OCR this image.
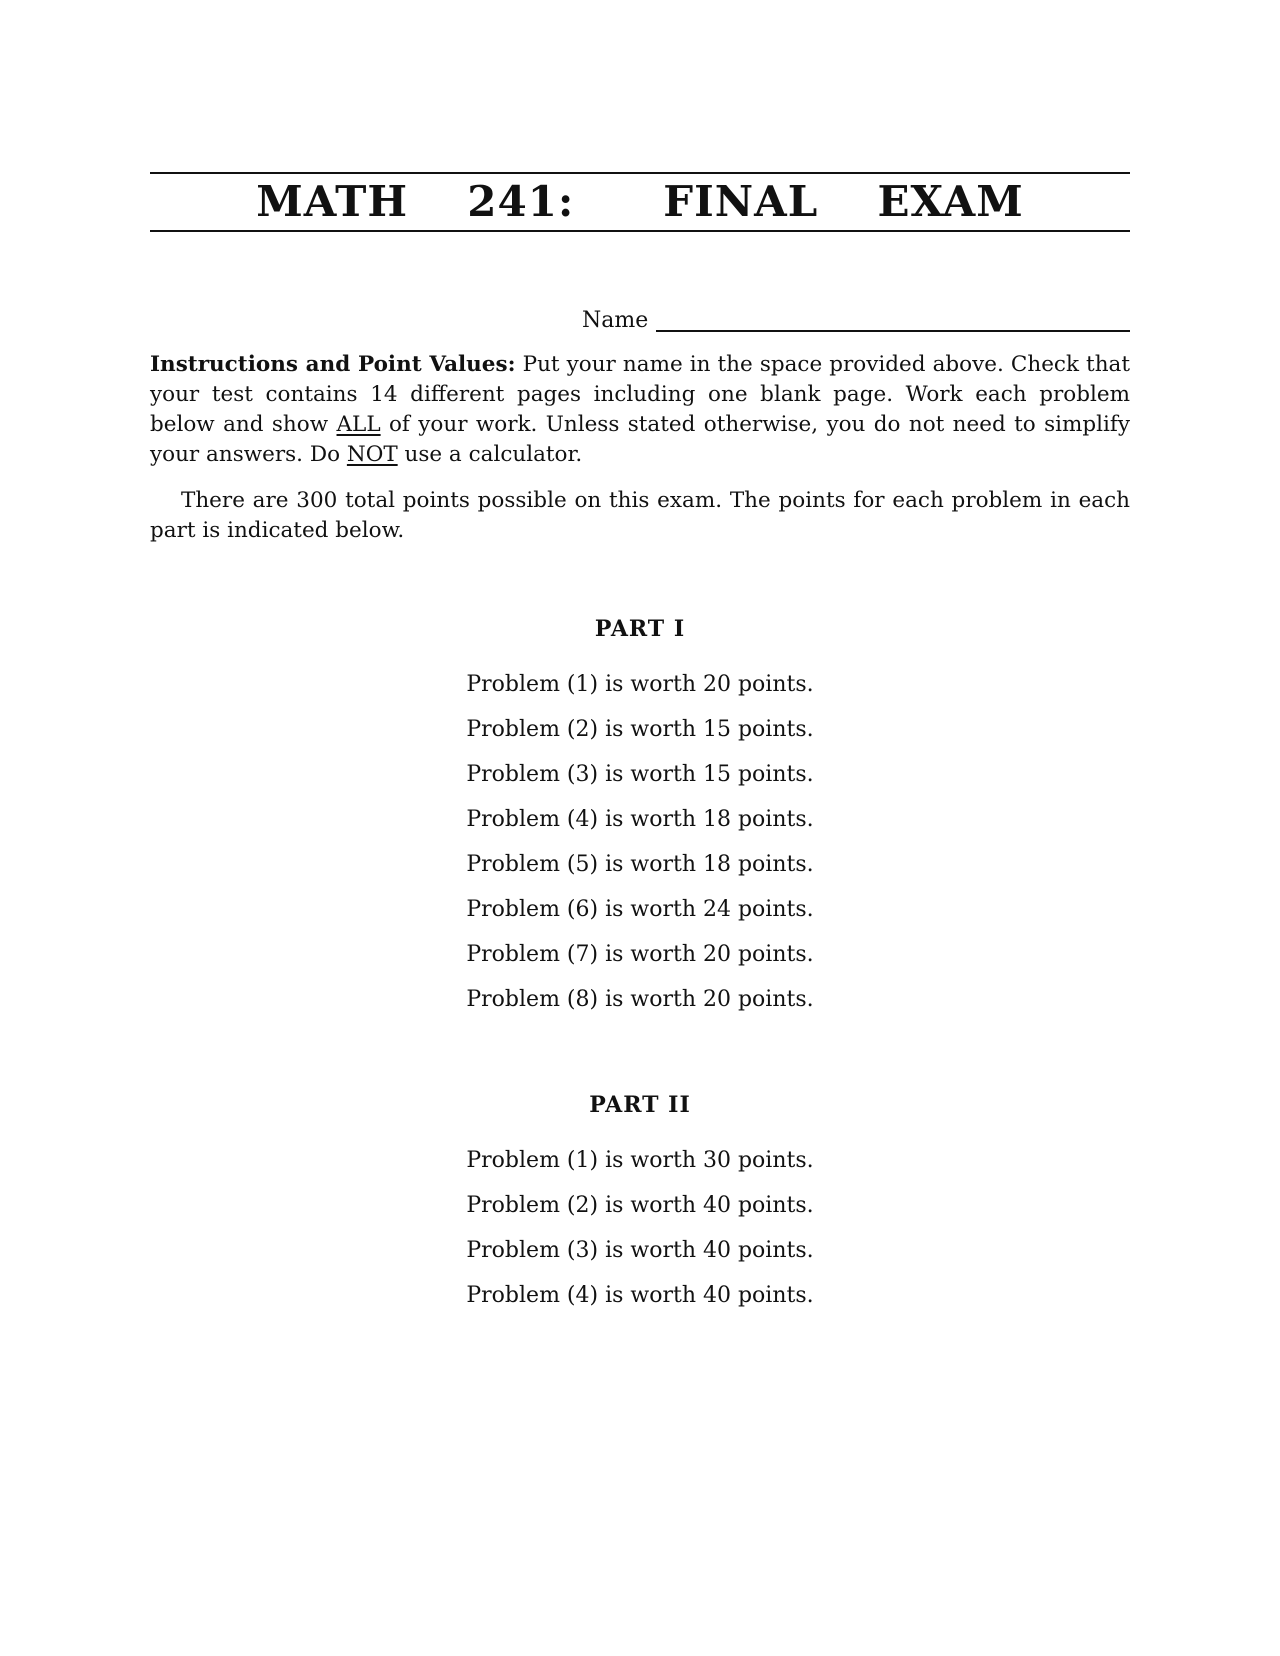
MATH  241:   FINAL  EXAM
Name

Instructions and Point Values: Put your name in the space provided above. Check that your test contains 14 different pages including one blank page. Work each problem below and show ALL of your work. Unless stated otherwise, you do not need to simplify your answers. Do NOT use a calculator.

There are 300 total points possible on this exam. The points for each problem in each part is indicated below.

PART I
Problem (1) is worth 20 points.
Problem (2) is worth 15 points.
Problem (3) is worth 15 points.
Problem (4) is worth 18 points.
Problem (5) is worth 18 points.
Problem (6) is worth 24 points.
Problem (7) is worth 20 points.
Problem (8) is worth 20 points.
PART II
Problem (1) is worth 30 points.
Problem (2) is worth 40 points.
Problem (3) is worth 40 points.
Problem (4) is worth 40 points.
